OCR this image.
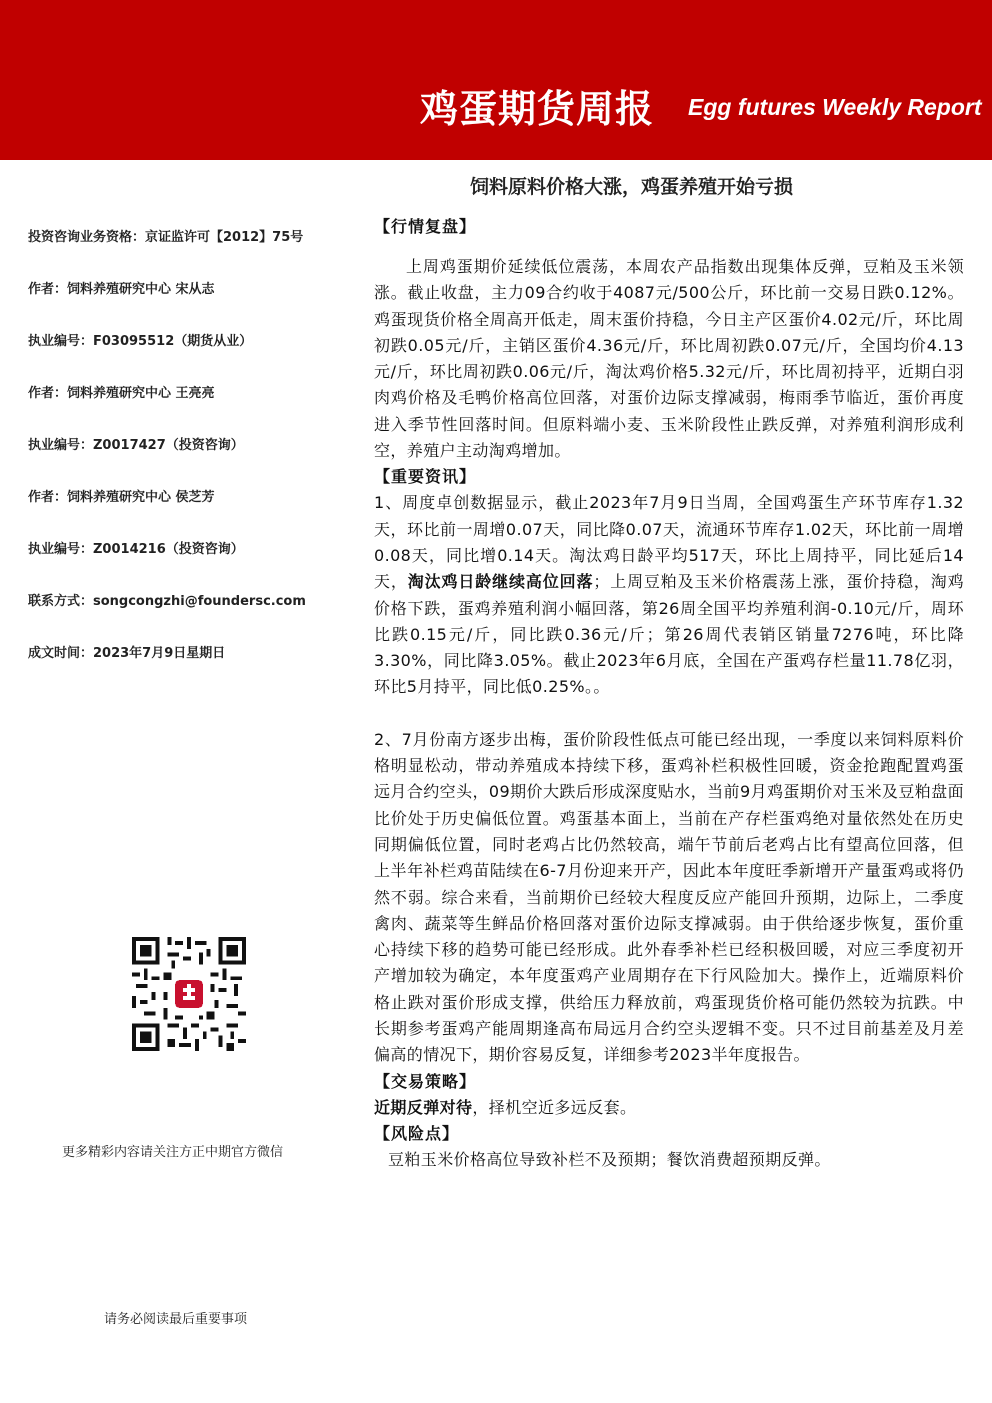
鸡蛋期货周报 Egg futures Weekly Report
饲料原料价格大涨，鸡蛋养殖开始亏损
投资咨询业务资格：京证监许可【2012】75号
作者：饲料养殖研究中心 宋从志
执业编号：F03095512（期货从业）
作者：饲料养殖研究中心 王亮亮
执业编号：Z0017427（投资咨询）
作者：饲料养殖研究中心 侯芝芳
执业编号：Z0014216（投资咨询）
联系方式：songcongzhi@foundersc.com
成文时间：2023年7月9日星期日
更多精彩内容请关注方正中期官方微信
请务必阅读最后重要事项
【行情复盘】

上周鸡蛋期价延续低位震荡，本周农产品指数出现集体反弹，豆粕及玉米领涨。截止收盘，主力09合约收于4087元/500公斤，环比前一交易日跌0.12%。鸡蛋现货价格全周高开低走，周末蛋价持稳，今日主产区蛋价4.02元/斤，环比周初跌0.05元/斤，主销区蛋价4.36元/斤，环比周初跌0.07元/斤，全国均价4.13元/斤，环比周初跌0.06元/斤，淘汰鸡价格5.32元/斤，环比周初持平，近期白羽肉鸡价格及毛鸭价格高位回落，对蛋价边际支撑减弱，梅雨季节临近，蛋价再度进入季节性回落时间。但原料端小麦、玉米阶段性止跌反弹，对养殖利润形成利空，养殖户主动淘鸡增加。

【重要资讯】

1、周度卓创数据显示，截止2023年7月9日当周，全国鸡蛋生产环节库存1.32天，环比前一周增0.07天，同比降0.07天，流通环节库存1.02天，环比前一周增0.08天，同比增0.14天。淘汰鸡日龄平均517天，环比上周持平，同比延后14天，淘汰鸡日龄继续高位回落；上周豆粕及玉米价格震荡上涨，蛋价持稳，淘鸡价格下跌，蛋鸡养殖利润小幅回落，第26周全国平均养殖利润-0.10元/斤，周环比跌0.15元/斤，同比跌0.36元/斤；第26周代表销区销量7276吨，环比降3.30%，同比降3.05%。截止2023年6月底，全国在产蛋鸡存栏量11.78亿羽，环比5月持平，同比低0.25%。。

2、7月份南方逐步出梅，蛋价阶段性低点可能已经出现，一季度以来饲料原料价格明显松动，带动养殖成本持续下移，蛋鸡补栏积极性回暖，资金抢跑配置鸡蛋远月合约空头，09期价大跌后形成深度贴水，当前9月鸡蛋期价对玉米及豆粕盘面比价处于历史偏低位置。鸡蛋基本面上，当前在产存栏蛋鸡绝对量依然处在历史同期偏低位置，同时老鸡占比仍然较高，端午节前后老鸡占比有望高位回落，但上半年补栏鸡苗陆续在6-7月份迎来开产，因此本年度旺季新增开产量蛋鸡或将仍然不弱。综合来看，当前期价已经较大程度反应产能回升预期，边际上，二季度禽肉、蔬菜等生鲜品价格回落对蛋价边际支撑减弱。由于供给逐步恢复，蛋价重心持续下移的趋势可能已经形成。此外春季补栏已经积极回暖，对应三季度初开产增加较为确定，本年度蛋鸡产业周期存在下行风险加大。操作上，近端原料价格止跌对蛋价形成支撑，供给压力释放前，鸡蛋现货价格可能仍然较为抗跌。中长期参考蛋鸡产能周期逢高布局远月合约空头逻辑不变。只不过目前基差及月差偏高的情况下，期价容易反复，详细参考2023半年度报告。

【交易策略】

近期反弹对待，择机空近多远反套。

【风险点】

豆粕玉米价格高位导致补栏不及预期；餐饮消费超预期反弹。
